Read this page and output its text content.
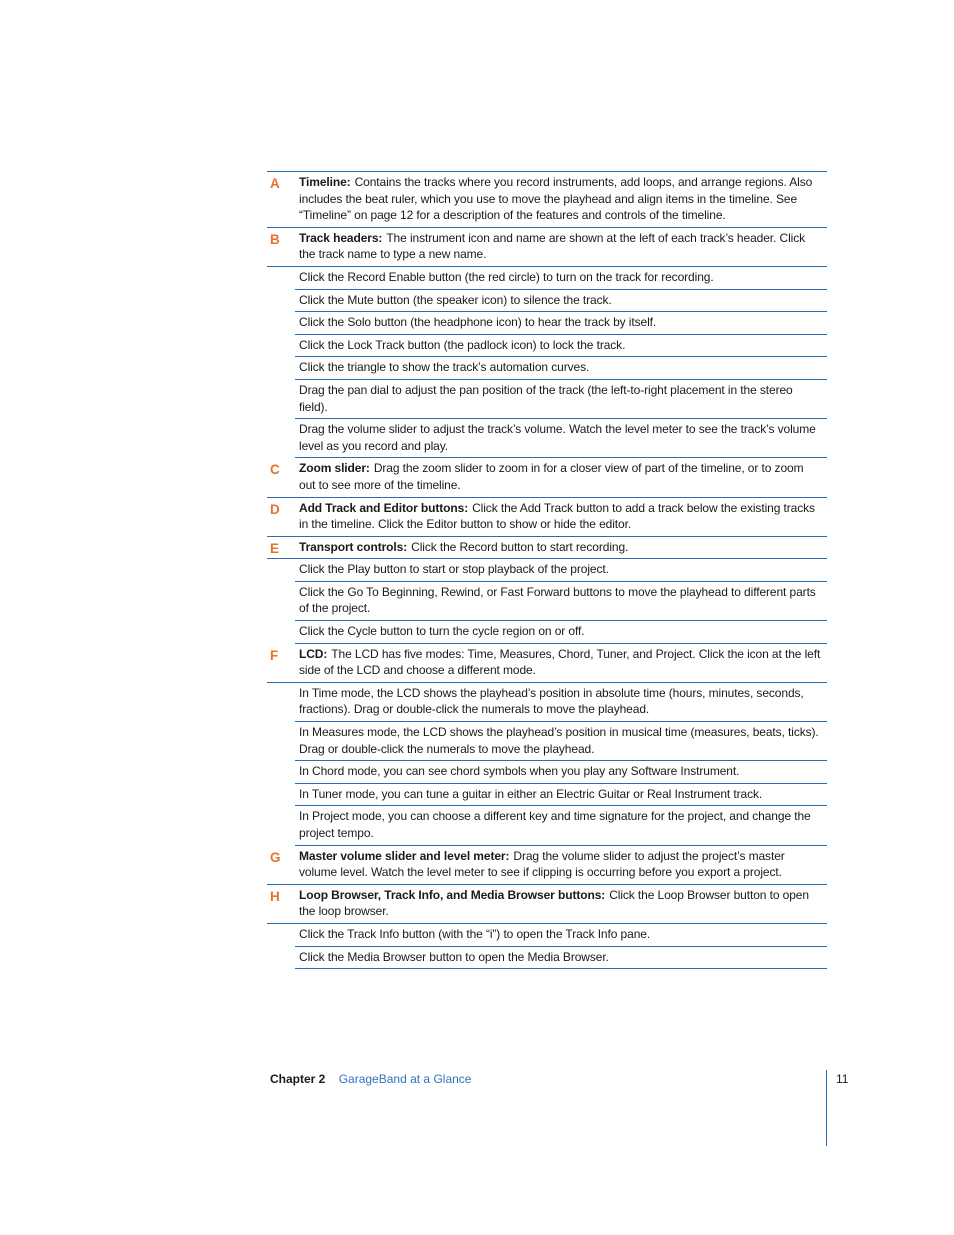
A	Timeline: Contains the tracks where you record instruments, add loops, and arrange regions. Also includes the beat ruler, which you use to move the playhead and align items in the timeline. See “Timeline” on page 12 for a description of the features and controls of the timeline.
B	Track headers: The instrument icon and name are shown at the left of each track’s header. Click the track name to type a new name.
Click the Record Enable button (the red circle) to turn on the track for recording.
Click the Mute button (the speaker icon) to silence the track.
Click the Solo button (the headphone icon) to hear the track by itself.
Click the Lock Track button (the padlock icon) to lock the track.
Click the triangle to show the track’s automation curves.
Drag the pan dial to adjust the pan position of the track (the left-to-right placement in the stereo field).
Drag the volume slider to adjust the track’s volume. Watch the level meter to see the track’s volume level as you record and play.
C	Zoom slider: Drag the zoom slider to zoom in for a closer view of part of the timeline, or to zoom out to see more of the timeline.
D	Add Track and Editor buttons: Click the Add Track button to add a track below the existing tracks in the timeline. Click the Editor button to show or hide the editor.
E	Transport controls: Click the Record button to start recording.
Click the Play button to start or stop playback of the project.
Click the Go To Beginning, Rewind, or Fast Forward buttons to move the playhead to different parts of the project.
Click the Cycle button to turn the cycle region on or off.
F	LCD: The LCD has five modes: Time, Measures, Chord, Tuner, and Project. Click the icon at the left side of the LCD and choose a different mode.
In Time mode, the LCD shows the playhead’s position in absolute time (hours, minutes, seconds, fractions). Drag or double-click the numerals to move the playhead.
In Measures mode, the LCD shows the playhead’s position in musical time (measures, beats, ticks). Drag or double-click the numerals to move the playhead.
In Chord mode, you can see chord symbols when you play any Software Instrument.
In Tuner mode, you can tune a guitar in either an Electric Guitar or Real Instrument track.
In Project mode, you can choose a different key and time signature for the project, and change the project tempo.
G	Master volume slider and level meter: Drag the volume slider to adjust the project’s master volume level. Watch the level meter to see if clipping is occurring before you export a project.
H	Loop Browser, Track Info, and Media Browser buttons: Click the Loop Browser button to open the loop browser.
Click the Track Info button (with the “i”) to open the Track Info pane.
Click the Media Browser button to open the Media Browser.
Chapter 2 GarageBand at a Glance	11
